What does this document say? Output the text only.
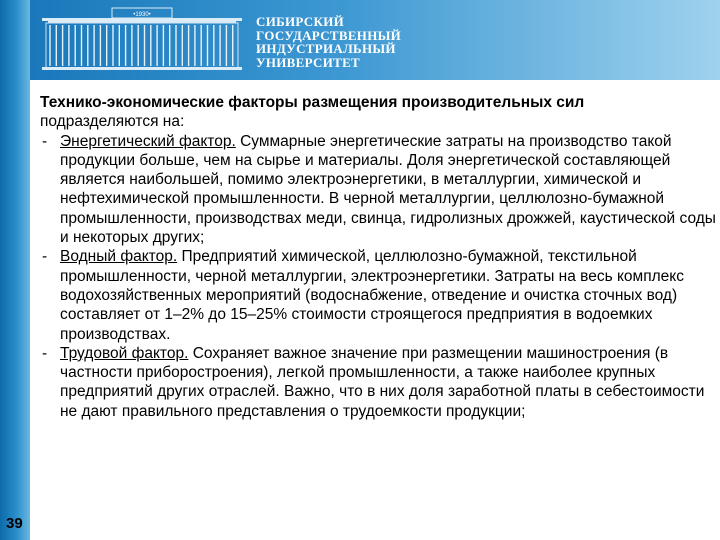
•1930•	СИБИРСКИЙ
ГОСУДАРСТВЕННЫЙ
ИНДУСТРИАЛЬНЫЙ
УНИВЕРСИТЕТ
Технико-экономические факторы размещения производительных сил
подразделяются на:
- Энергетический фактор. Суммарные энергетические затраты на производство такой продукции больше, чем на сырье и материалы. Доля энергетической составляющей является наибольшей, помимо электроэнергетики, в металлургии, химической и нефтехимической промышленности. В черной металлургии, целлюлозно-бумажной промышленности, производствах меди, свинца, гидролизных дрожжей, каустической соды и некоторых других;
- Водный фактор. Предприятий химической, целлюлозно-бумажной, текстильной промышленности, черной металлургии, электроэнергетики. Затраты на весь комплекс водохозяйственных мероприятий (водоснабжение, отведение и очистка сточных вод) составляет от 1–2% до 15–25% стоимости строящегося предприятия в водоемких производствах.
- Трудовой фактор. Сохраняет важное значение при размещении машиностроения (в частности приборостроения), легкой промышленности, а также наиболее крупных предприятий других отраслей. Важно, что в них доля заработной платы в себестоимости не дают правильного представления о трудоемкости продукции;
39
